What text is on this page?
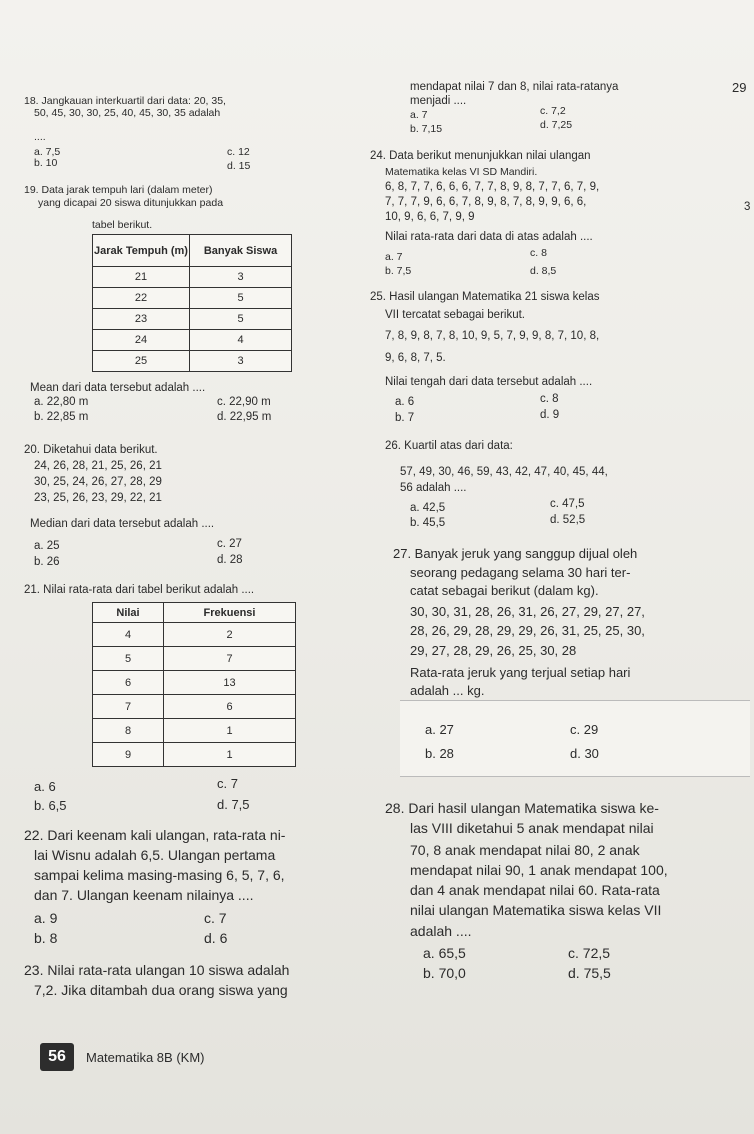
29
3
18. Jangkauan interkuartil dari data: 20, 35,
50, 45, 30, 30, 25, 40, 45, 30, 35 adalah
....
a. 7,5
b. 10
c. 12
d. 15
19. Data jarak tempuh lari (dalam meter)
yang dicapai 20 siswa ditunjukkan pada
tabel berikut.
Jarak Tempuh (m)	Banyak Siswa
21	3
22	5
23	5
24	4
25	3
Mean dari data tersebut adalah ....
a. 22,80 m
b. 22,85 m
c. 22,90 m
d. 22,95 m
20. Diketahui data berikut.
24, 26, 28, 21, 25, 26, 21
30, 25, 24, 26, 27, 28, 29
23, 25, 26, 23, 29, 22, 21
Median dari data tersebut adalah ....
a. 25
b. 26
c. 27
d. 28
21. Nilai rata-rata dari tabel berikut adalah ....
Nilai	Frekuensi
4	2
5	7
6	13
7	6
8	1
9	1
a. 6
b. 6,5
c. 7
d. 7,5
22. Dari keenam kali ulangan, rata-rata ni-
lai Wisnu adalah 6,5. Ulangan pertama
sampai kelima masing-masing 6, 5, 7, 6,
dan 7. Ulangan keenam nilainya ....
a. 9
b. 8
c. 7
d. 6
23. Nilai rata-rata ulangan 10 siswa adalah
7,2. Jika ditambah dua orang siswa yang
56	Matematika 8B (KM)
mendapat nilai 7 dan 8, nilai rata-ratanya
menjadi ....
a. 7
b. 7,15
c. 7,2
d. 7,25
24. Data berikut menunjukkan nilai ulangan
Matematika kelas VI SD Mandiri.
6, 8, 7, 7, 6, 6, 6, 7, 7, 8, 9, 8, 7, 7, 6, 7, 9,
7, 7, 7, 9, 6, 6, 7, 8, 9, 8, 7, 8, 9, 9, 6, 6,
10, 9, 6, 6, 7, 9, 9
Nilai rata-rata dari data di atas adalah ....
a. 7
b. 7,5
c. 8
d. 8,5
25. Hasil ulangan Matematika 21 siswa kelas
VII tercatat sebagai berikut.
7, 8, 9, 8, 7, 8, 10, 9, 5, 7, 9, 9, 8, 7, 10, 8,
9, 6, 8, 7, 5.
Nilai tengah dari data tersebut adalah ....
a. 6
b. 7
c. 8
d. 9
26. Kuartil atas dari data:
57, 49, 30, 46, 59, 43, 42, 47, 40, 45, 44,
56 adalah ....
a. 42,5
b. 45,5
c. 47,5
d. 52,5
27. Banyak jeruk yang sanggup dijual oleh
seorang pedagang selama 30 hari ter-
catat sebagai berikut (dalam kg).
30, 30, 31, 28, 26, 31, 26, 27, 29, 27, 27,
28, 26, 29, 28, 29, 29, 26, 31, 25, 25, 30,
29, 27, 28, 29, 26, 25, 30, 28
Rata-rata jeruk yang terjual setiap hari
adalah ... kg.
a. 27
b. 28
c. 29
d. 30
28. Dari hasil ulangan Matematika siswa ke-
las VIII diketahui 5 anak mendapat nilai
70, 8 anak mendapat nilai 80, 2 anak
mendapat nilai 90, 1 anak mendapat 100,
dan 4 anak mendapat nilai 60. Rata-rata
nilai ulangan Matematika siswa kelas VII
adalah ....
a. 65,5
b. 70,0
c. 72,5
d. 75,5
